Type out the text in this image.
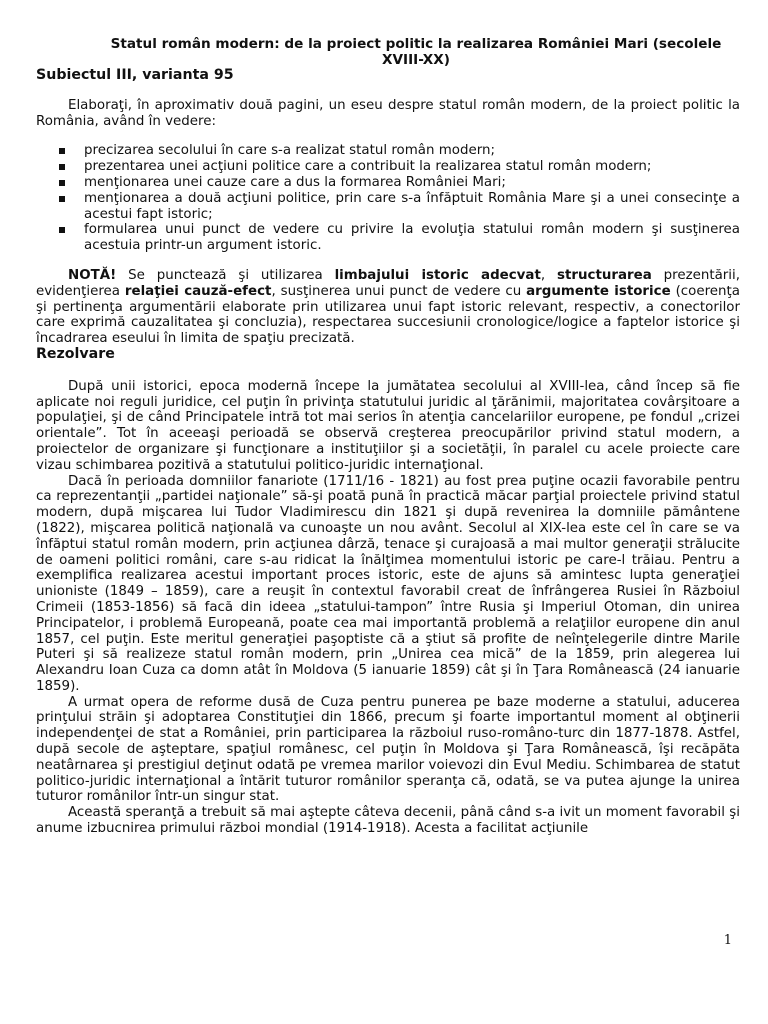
Statul român modern: de la proiect politic la realizarea României Mari (secolele XVIII-XX)
Subiectul III, varianta 95

Elaboraţi, în aproximativ două pagini, un eseu despre statul român modern, de la proiect politic la România, având în vedere:

precizarea secolului în care s-a realizat statul român modern;
prezentarea unei acţiuni politice care a contribuit la realizarea statul român modern;
menţionarea unei cauze care a dus la formarea României Mari;
menţionarea a două acţiuni politice, prin care s-a înfăptuit România Mare şi a unei consecinţe a acestui fapt istoric;
formularea unui punct de vedere cu privire la evoluţia statului român modern şi susţinerea acestuia printr-un argument istoric.

NOTĂ! Se punctează şi utilizarea limbajului istoric adecvat, structurarea prezentării, evidenţierea relaţiei cauză-efect, susţinerea unui punct de vedere cu argumente istorice (coerenţa şi pertinenţa argumentării elaborate prin utilizarea unui fapt istoric relevant, respectiv, a conectorilor care exprimă cauzalitatea şi concluzia), respectarea succesiunii cronologice/logice a faptelor istorice şi încadrarea eseului în limita de spaţiu precizată.

Rezolvare

După unii istorici, epoca modernă începe la jumătatea secolului al XVIII-lea, când încep să fie aplicate noi reguli juridice, cel puţin în privinţa statutului juridic al ţărănimii, majoritatea covârşitoare a populaţiei, şi de când Principatele intră tot mai serios în atenţia cancelariilor europene, pe fondul „crizei orientale”. Tot în aceeaşi perioadă se observă creşterea preocupărilor privind statul modern, a proiectelor de organizare şi funcţionare a instituţiilor şi a societăţii, în paralel cu acele proiecte care vizau schimbarea pozitivă a statutului politico-juridic internaţional.

Dacă în perioada domniilor fanariote (1711/16 - 1821) au fost prea puţine ocazii favorabile pentru ca reprezentanţii „partidei naţionale” să-şi poată pună în practică măcar parţial proiectele privind statul modern, după mişcarea lui Tudor Vladimirescu din 1821 şi după revenirea la domniile pământene (1822), mişcarea politică naţională va cunoaşte un nou avânt. Secolul al XIX-lea este cel în care se va înfăptui statul român modern, prin acţiunea dârză, tenace şi curajoasă a mai multor generaţii strălucite de oameni politici români, care s-au ridicat la înălţimea momentului istoric pe care-l trăiau. Pentru a exemplifica realizarea acestui important proces istoric, este de ajuns să amintesc lupta generaţiei unioniste (1849 – 1859), care a reuşit în contextul favorabil creat de înfrângerea Rusiei în Războiul Crimeii (1853-1856) să facă din ideea „statului-tampon” între Rusia şi Imperiul Otoman, din unirea Principatelor, i problemă Europeană, poate cea mai importantă problemă a relaţiilor europene din anul 1857, cel puţin. Este meritul generaţiei paşoptiste că a ştiut să profite de neînţelegerile dintre Marile Puteri şi să realizeze statul român modern, prin „Unirea cea mică” de la 1859, prin alegerea lui Alexandru Ioan Cuza ca domn atât în Moldova (5 ianuarie 1859) cât şi în Ţara Românească (24 ianuarie 1859).

A urmat opera de reforme dusă de Cuza pentru punerea pe baze moderne a statului, aducerea prinţului străin şi adoptarea Constituţiei din 1866, precum şi foarte importantul moment al obţinerii independenţei de stat a României, prin participarea la războiul ruso-româno-turc din 1877-1878. Astfel, după secole de aşteptare, spaţiul românesc, cel puţin în Moldova şi Ţara Românească, îşi recăpăta neatârnarea şi prestigiul deţinut odată pe vremea marilor voievozi din Evul Mediu. Schimbarea de statut politico-juridic internaţional a întărit tuturor românilor speranţa că, odată, se va putea ajunge la unirea tuturor românilor într-un singur stat.

Această speranţă a trebuit să mai aştepte câteva decenii, până când s-a ivit un moment favorabil şi anume izbucnirea primului război mondial (1914-1918). Acesta a facilitat acţiunile

1
